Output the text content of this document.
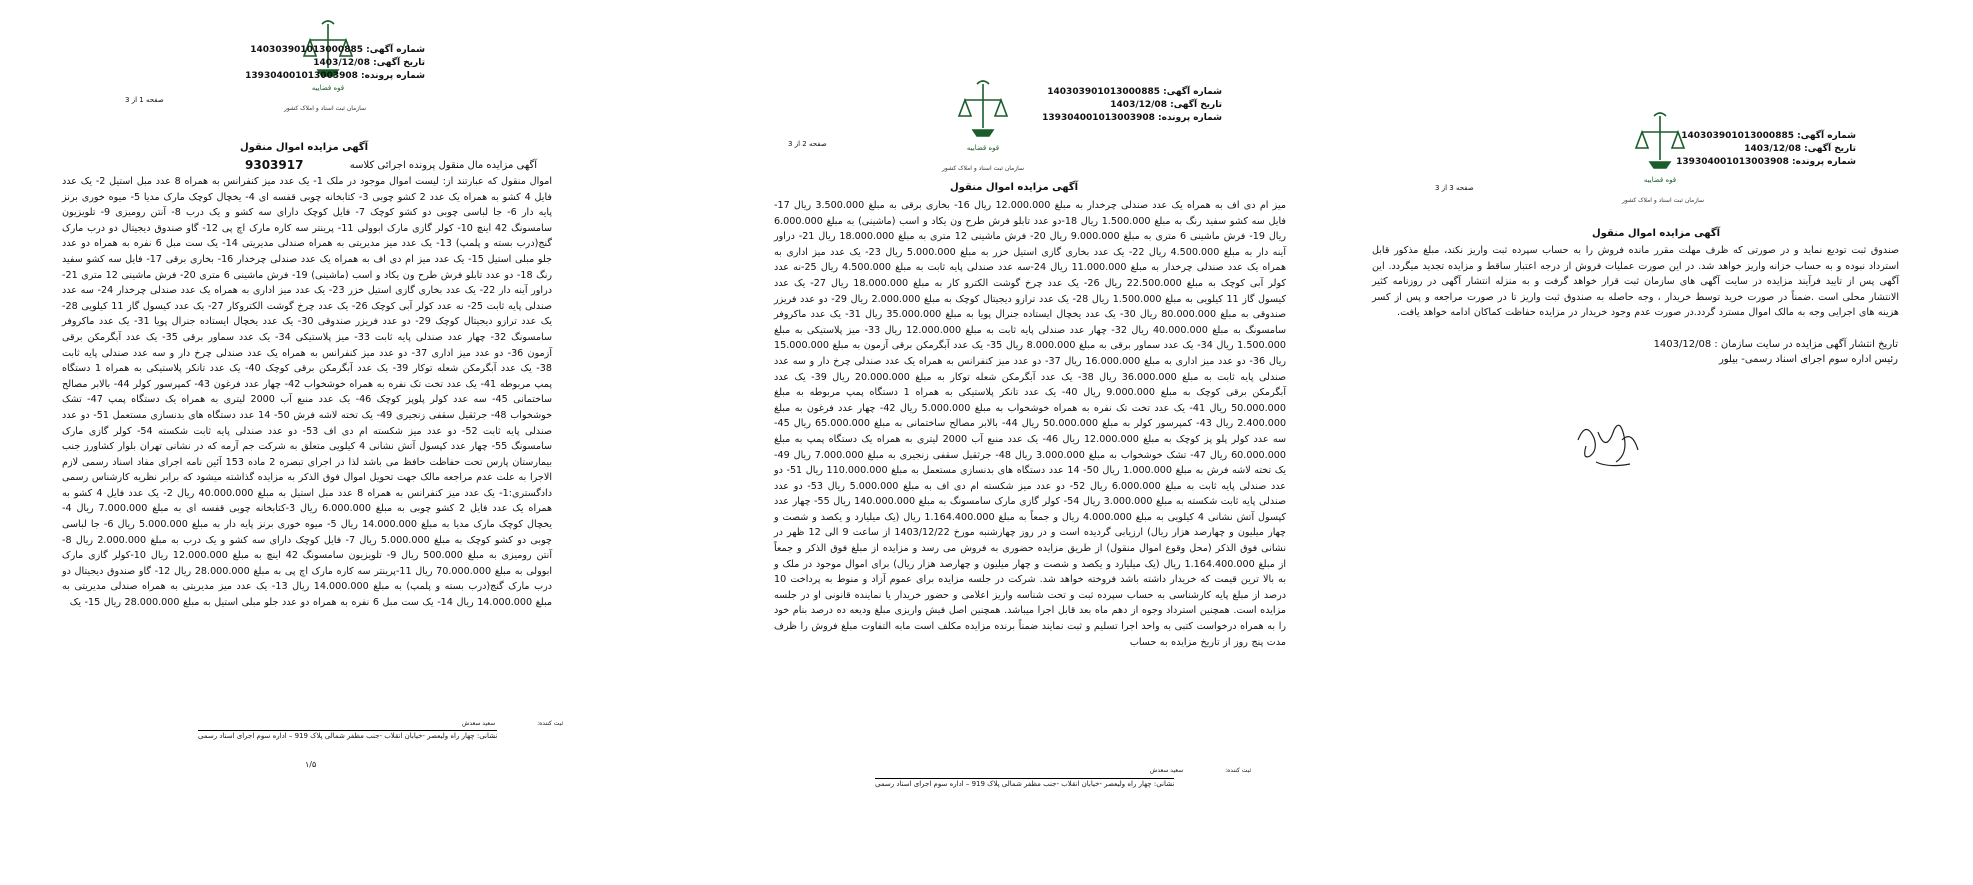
قوه قضاییه
سازمان ثبت اسناد و املاک کشور
شماره آگهی: 140303901013000885
تاریخ آگهی: 1403/12/08
شماره پرونده: 139304001013003908
صفحه 1 از 3
آگهی مزایده اموال منقول
آگهی مزایده مال منقول پرونده اجرائی کلاسه
9303917
اموال منقول که عبارتند از: لیست اموال موجود در ملک 1- یک عدد میز کنفرانس به همراه 8 عدد مبل استیل 2- یک عدد فایل 4 کشو به همراه یک عدد 2 کشو چوبی 3- کتابخانه چوبی قفسه ای 4- یخچال کوچک مارک مدیا 5- میوه خوری برنز پایه دار 6- جا لباسی چوبی دو کشو کوچک 7- فایل کوچک دارای سه کشو و یک درب 8- آنتن رومیزی 9- تلویزیون سامسونگ 42 اینچ 10- کولر گازی مارک ابوولی 11- پرینتر سه کاره مارک اچ پی 12- گاو صندوق دیجیتال دو درب مارک گنج(درب بسته و پلمپ) 13- یک عدد میز مدیریتی به همراه صندلی مدیریتی 14- یک ست مبل 6 نفره به همراه دو عدد جلو مبلی استیل 15- یک عدد میز ام دی اف به همراه یک عدد صندلی چرخدار 16- بخاری برقی 17- فایل سه کشو سفید رنگ 18- دو عدد تابلو فرش طرح ون یکاد و اسب (ماشینی) 19- فرش ماشینی 6 متری 20- فرش ماشینی 12 متری 21- دراور آینه دار 22- یک عدد بخاری گازی استیل خزر 23- یک عدد میز اداری به همراه یک عدد صندلی چرخدار 24- سه عدد صندلی پایه ثابت 25- نه عدد کولر آبی کوچک 26- یک عدد چرخ گوشت الکتروکار 27- یک عدد کیسول گاز 11 کیلویی 28- یک عدد ترازو دیجیتال کوچک 29- دو عدد فریزر صندوقی 30- یک عدد یخچال ایستاده جنرال پویا 31- یک عدد ماکروفر سامسونگ 32- چهار عدد صندلی پایه ثابت 33- میز پلاستیکی 34- یک عدد سماور برقی 35- یک عدد آبگرمکن برقی آزمون 36- دو عدد میز اداری 37- دو عدد میز کنفرانس به همراه یک عدد صندلی چرخ دار و سه عدد صندلی پایه ثابت 38- یک عدد آبگرمکن شعله توکار 39- یک عدد آبگرمکن برقی کوچک 40- یک عدد تانکر پلاستیکی به همراه 1 دستگاه پمپ مربوطه 41- یک عدد تخت تک نفره به همراه خوشخواب 42- چهار عدد فرغون 43- کمپرسور کولر 44- بالابر مصالح ساختمانی 45- سه عدد کولر پلوپز کوچک 46- یک عدد منبع آب 2000 لیتری به همراه یک دستگاه پمپ 47- تشک خوشخواب 48- جرثقیل سقفی زنجیری 49- یک تخته لاشه فرش 50- 14 عدد دستگاه های بدنسازی مستعمل 51- دو عدد صندلی پایه ثابت 52- دو عدد میز شکسته ام دی اف 53- دو عدد صندلی پایه ثابت شکسته 54- کولر گازی مارک سامسونگ 55- چهار عدد کپسول آتش نشانی 4 کیلویی متعلق به شرکت جم آرمه که در نشانی تهران بلوار کشاورز جنب بیمارستان پارس تحت حفاظت حافظ می باشد لذا در اجرای تبصره 2 ماده 153 آئین نامه اجرای مفاد اسناد رسمی لازم الاجرا به علت عدم مراجعه مالک جهت تحویل اموال فوق الذکر به مزایده گذاشته میشود که برابر نظریه کارشناس رسمی دادگستری:1- یک عدد میز کنفرانس به همراه 8 عدد مبل استیل به مبلغ 40.000.000 ریال 2- یک عدد فایل 4 کشو به همراه یک عدد فایل 2 کشو چوبی به مبلغ 6.000.000 ریال 3-کتابخانه چوبی قفسه ای به مبلغ 7.000.000 ریال 4- یخچال کوچک مارک مدیا به مبلغ 14.000.000 ریال 5- میوه خوری برنز پایه دار به مبلغ 5.000.000 ریال 6- جا لباسی چوبی دو کشو کوچک به مبلغ 5.000.000 ریال 7- فایل کوچک دارای سه کشو و یک درب به مبلغ 2.000.000 ریال 8- آنتن رومیزی به مبلغ 500.000 ریال 9- تلویزیون سامسونگ 42 اینچ به مبلغ 12.000.000 ریال 10-کولر گازی مارک ابوولی به مبلغ 70.000.000 ریال 11-پرینتر سه کاره مارک اچ پی به مبلغ 28.000.000 ریال 12- گاو صندوق دیجیتال دو درب مارک گنج(درب بسته و پلمپ) به مبلغ 14.000.000 ریال 13- یک عدد میز مدیریتی به همراه صندلی مدیریتی به مبلغ 14.000.000 ریال 14- یک ست مبل 6 نفره به همراه دو عدد جلو مبلی استیل به مبلغ 28.000.000 ریال 15- یک
ثبت کننده: سعید سعدش
نشانی: چهار راه ولیعصر -خیابان انقلاب -جنب مظفر شمالی پلاک 919 – اداره سوم اجرای اسناد رسمی
۱/۵
قوه قضاییه
سازمان ثبت اسناد و املاک کشور
شماره آگهی: 140303901013000885
تاریخ آگهی: 1403/12/08
شماره پرونده: 139304001013003908
صفحه 2 از 3
آگهی مزایده اموال منقول
میز ام دی اف به همراه یک عدد صندلی چرخدار به مبلغ 12.000.000 ریال 16- بخاری برقی به مبلغ 3.500.000 ریال 17- فایل سه کشو سفید رنگ به مبلغ 1.500.000 ریال 18-دو عدد تابلو فرش طرح ون یکاد و اسب (ماشینی) به مبلغ 6.000.000 ریال 19- فرش ماشینی 6 متری به مبلغ 9.000.000 ریال 20- فرش ماشینی 12 متری به مبلغ 18.000.000 ریال 21- دراور آینه دار به مبلغ 4.500.000 ریال 22- یک عدد بخاری گازی استیل خزر به مبلغ 5.000.000 ریال 23- یک عدد میز اداری به همراه یک عدد صندلی چرخدار به مبلغ 11.000.000 ریال 24-سه عدد صندلی پایه ثابت به مبلغ 4.500.000 ریال 25-نه عدد کولر آبی کوچک به مبلغ 22.500.000 ریال 26- یک عدد چرخ گوشت الکترو کار به مبلغ 18.000.000 ریال 27- یک عدد کیسول گاز 11 کیلویی به مبلغ 1.500.000 ریال 28- یک عدد ترازو دیجیتال کوچک به مبلغ 2.000.000 ریال 29- دو عدد فریزر صندوقی به مبلغ 80.000.000 ریال 30- یک عدد یخچال ایستاده جنرال پویا به مبلغ 35.000.000 ریال 31- یک عدد ماکروفر سامسونگ به مبلغ 40.000.000 ریال 32- چهار عدد صندلی پایه ثابت به مبلغ 12.000.000 ریال 33- میز پلاستیکی به مبلغ 1.500.000 ریال 34- یک عدد سماور برقی به مبلغ 8.000.000 ریال 35- یک عدد آبگرمکن برقی آزمون به مبلغ 15.000.000 ریال 36- دو عدد میز اداری به مبلغ 16.000.000 ریال 37- دو عدد میز کنفرانس به همراه یک عدد صندلی چرخ دار و سه عدد صندلی پایه ثابت به مبلغ 36.000.000 ریال 38- یک عدد آبگرمکن شعله توکار به مبلغ 20.000.000 ریال 39- یک عدد آبگرمکن برقی کوچک به مبلغ 9.000.000 ریال 40- یک عدد تانکر پلاستیکی به همراه 1 دستگاه پمپ مربوطه به مبلغ 50.000.000 ریال 41- یک عدد تخت تک نفره به همراه خوشخواب به مبلغ 5.000.000 ریال 42- چهار عدد فرغون به مبلغ 2.400.000 ریال 43- کمپرسور کولر به مبلغ 50.000.000 ریال 44- بالابر مصالح ساختمانی به مبلغ 65.000.000 ریال 45- سه عدد کولر پلو پز کوچک به مبلغ 12.000.000 ریال 46- یک عدد منبع آب 2000 لیتری به همراه یک دستگاه پمپ به مبلغ 60.000.000 ریال 47- تشک خوشخواب به مبلغ 3.000.000 ریال 48- جرثقیل سقفی زنجیری به مبلغ 7.000.000 ریال 49- یک تخته لاشه فرش به مبلغ 1.000.000 ریال 50- 14 عدد دستگاه های بدنسازی مستعمل به مبلغ 110.000.000 ریال 51- دو عدد صندلی پایه ثابت به مبلغ 6.000.000 ریال 52- دو عدد میز شکسته ام دی اف به مبلغ 5.000.000 ریال 53- دو عدد صندلی پایه ثابت شکسته به مبلغ 3.000.000 ریال 54- کولر گازی مارک سامسونگ به مبلغ 140.000.000 ریال 55- چهار عدد کپسول آتش نشانی 4 کیلویی به مبلغ 4.000.000 ریال و جمعاً به مبلغ 1.164.400.000 ریال (یک میلیارد و یکصد و شصت و چهار میلیون و چهارصد هزار ریال) ارزیابی گردیده است و در روز چهارشنبه مورخ 1403/12/22 از ساعت 9 الی 12 ظهر در نشانی فوق الذکر (محل وقوع اموال منقول) از طریق مزایده حضوری به فروش می رسد و مزایده از مبلغ فوق الذکر و جمعاً از مبلغ 1.164.400.000 ریال (یک میلیارد و یکصد و شصت و چهار میلیون و چهارصد هزار ریال) برای اموال موجود در ملک و به بالا ترین قیمت که خریدار داشته باشد فروخته خواهد شد. شرکت در جلسه مزایده برای عموم آزاد و منوط به پرداخت 10 درصد از مبلغ پایه کارشناسی به حساب سپرده ثبت و تحت شناسه واریز اعلامی و حضور خریدار یا نماینده قانونی او در جلسه مزایده است. همچنین استرداد وجوه از دهم ماه بعد قابل اجرا میباشد. همچنین اصل فیش واریزی مبلغ ودیعه ده درصد بنام خود را به همراه درخواست کتبی به واحد اجرا تسلیم و ثبت نمایند ضمناً برنده مزایده مکلف است مابه التفاوت مبلغ فروش را ظرف مدت پنج روز از تاریخ مزایده به حساب
ثبت کننده: سعید سعدش
نشانی: چهار راه ولیعصر -خیابان انقلاب -جنب مظفر شمالی پلاک 919 – اداره سوم اجرای اسناد رسمی
قوه قضاییه
سازمان ثبت اسناد و املاک کشور
شماره آگهی: 140303901013000885
تاریخ آگهی: 1403/12/08
شماره پرونده: 139304001013003908
صفحه 3 از 3
آگهی مزایده اموال منقول
صندوق ثبت تودیع نماید و در صورتی که ظرف مهلت مقرر مانده فروش را به حساب سپرده ثبت واریز نکند، مبلغ مذکور قابل استرداد نبوده و به حساب خزانه واریز خواهد شد. در این صورت عملیات فروش از درجه اعتبار ساقط و مزایده تجدید میگردد. این آگهی پس از تایید فرآیند مزایده در سایت آگهی های سازمان ثبت قرار خواهد گرفت و به منزله انتشار آگهی در روزنامه کثیر الانتشار محلی است .ضمناً در صورت خرید توسط خریدار ، وجه حاصله به صندوق ثبت واریز تا در صورت مراجعه و پس از کسر هزینه های اجرایی وجه به مالک اموال مسترد گردد.در صورت عدم وجود خریدار در مزایده حفاظت کماکان ادامه خواهد یافت.
تاریخ انتشار آگهی مزایده در سایت سازمان : 1403/12/08
رئیس اداره سوم اجرای اسناد رسمی- بیلور
